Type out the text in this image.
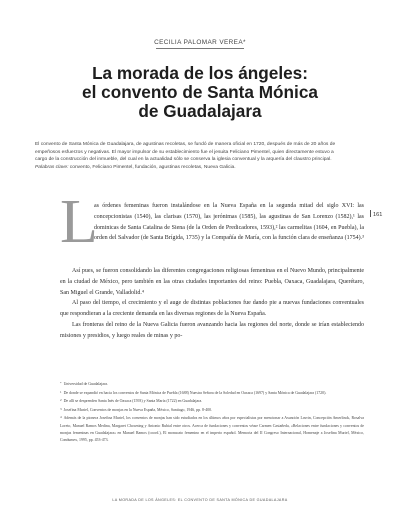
CECILIA PALOMAR VEREA*
La morada de los ángeles:
el convento de Santa Mónica
de Guadalajara

El convento de Santa Mónica de Guadalajara, de agustinas recoletas, se fundó de manera oficial en 1720, después de más de 20 años de empeñosos esfuerzos y negativas. El mayor impulsor de su establecimiento fue el jesuita Feliciano Pimentel, quien directamente estuvo a cargo de la construcción del inmueble, del cual en la actualidad sólo se conserva la iglesia conventual y la arquería del claustro principal.

Palabras clave: convento, Feliciano Pimentel, fundación, agustinas recoletas, Nueva Galicia.

L

as órdenes femeninas fueron instalándose en la Nueva España en la segunda mitad del siglo XVI: las concepcionistas (1540), las clarisas (1570), las jerónimas (1585), las agustinas de San Lorenzo (1582),¹ las dominicas de Santa Catalina de Siena (de la Orden de Predicadores, 1593),² las carmelitas (1604, en Puebla), la orden del Salvador (de Santa Brígida, 1735) y la Compañía de María, con la función clara de enseñanza (1754).³

161

Así pues, se fueron consolidando las diferentes congregaciones religiosas femeninas en el Nuevo Mundo, principalmente en la ciudad de México, pero también en las otras ciudades importantes del reino: Puebla, Oaxaca, Guadalajara, Querétaro, San Miguel el Grande, Valladolid.⁴

Al paso del tiempo, el crecimiento y el auge de distintas poblaciones fue dando pie a nuevas fundaciones conventuales que respondieran a la creciente demanda en las diversas regiones de la Nueva España.

Las fronteras del reino de la Nueva Galicia fueron avanzando hacia las regiones del norte, donde se irían estableciendo misiones y presidios, y luego reales de minas y po-

* Universidad de Guadalajara.
$^1$ De donde se expandió en hacia los conventos de Santa Mónica de Puebla (1688) Nuestra Señora de la Soledad en Oaxaca (1697) y Santa Mónica de Guadalajara (1720).
$^2$ De allí se desprenden Santa Inés de Oaxaca (1593) y Santa María (1722) en Guadalajara.
$^3$ Josefina Muriel, Conventos de monjas en la Nueva España, México, Santiago, 1946, pp. 8-400.
$^4$ Además de la pionera Josefina Muriel, los conventos de monjas han sido estudiados en los últimos años por especialistas por mencionar a Asunción Lavrin, Concepción Amerlinck, Rosalva Loreto, Manuel Ramos Medina, Margaret Chowning y Antonio Rubial entre otros. Acerca de fundaciones y conventos véase Carmen Castañeda, «Relaciones entre fundaciones y conventos de monjas femeninas en Guadalajara» en Manuel Ramos (coord.), El monacato femenino en el imperio español. Memoria del II Congreso Internacional, Homenaje a Josefina Muriel, México, Condumex, 1995, pp. 453-473.
LA MORADA DE LOS ÁNGELES: EL CONVENTO DE SANTA MÓNICA DE GUADALAJARA
